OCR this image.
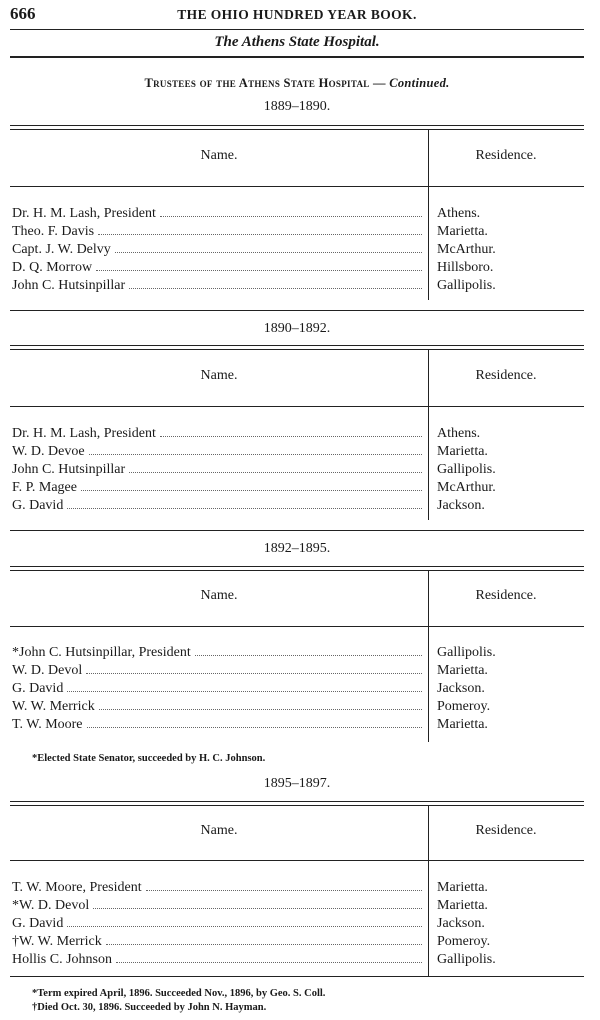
666	THE OHIO HUNDRED YEAR BOOK.
The Athens State Hospital.
Trustees of the Athens State Hospital — Continued.
1889–1890.
Name.	Residence.
Dr. H. M. Lash, President	Athens.
Theo. F. Davis	Marietta.
Capt. J. W. Delvy	McArthur.
D. Q. Morrow	Hillsboro.
John C. Hutsinpillar	Gallipolis.
1890–1892.
Name.	Residence.
Dr. H. M. Lash, President	Athens.
W. D. Devoe	Marietta.
John C. Hutsinpillar	Gallipolis.
F. P. Magee	McArthur.
G. David	Jackson.
1892–1895.
Name.	Residence.
*John C. Hutsinpillar, President	Gallipolis.
W. D. Devol	Marietta.
G. David	Jackson.
W. W. Merrick	Pomeroy.
T. W. Moore	Marietta.
*Elected State Senator, succeeded by H. C. Johnson.
1895–1897.
Name.	Residence.
T. W. Moore, President	Marietta.
*W. D. Devol	Marietta.
G. David	Jackson.
†W. W. Merrick	Pomeroy.
Hollis C. Johnson	Gallipolis.
*Term expired April, 1896. Succeeded Nov., 1896, by Geo. S. Coll.
†Died Oct. 30, 1896. Succeeded by John N. Hayman.
